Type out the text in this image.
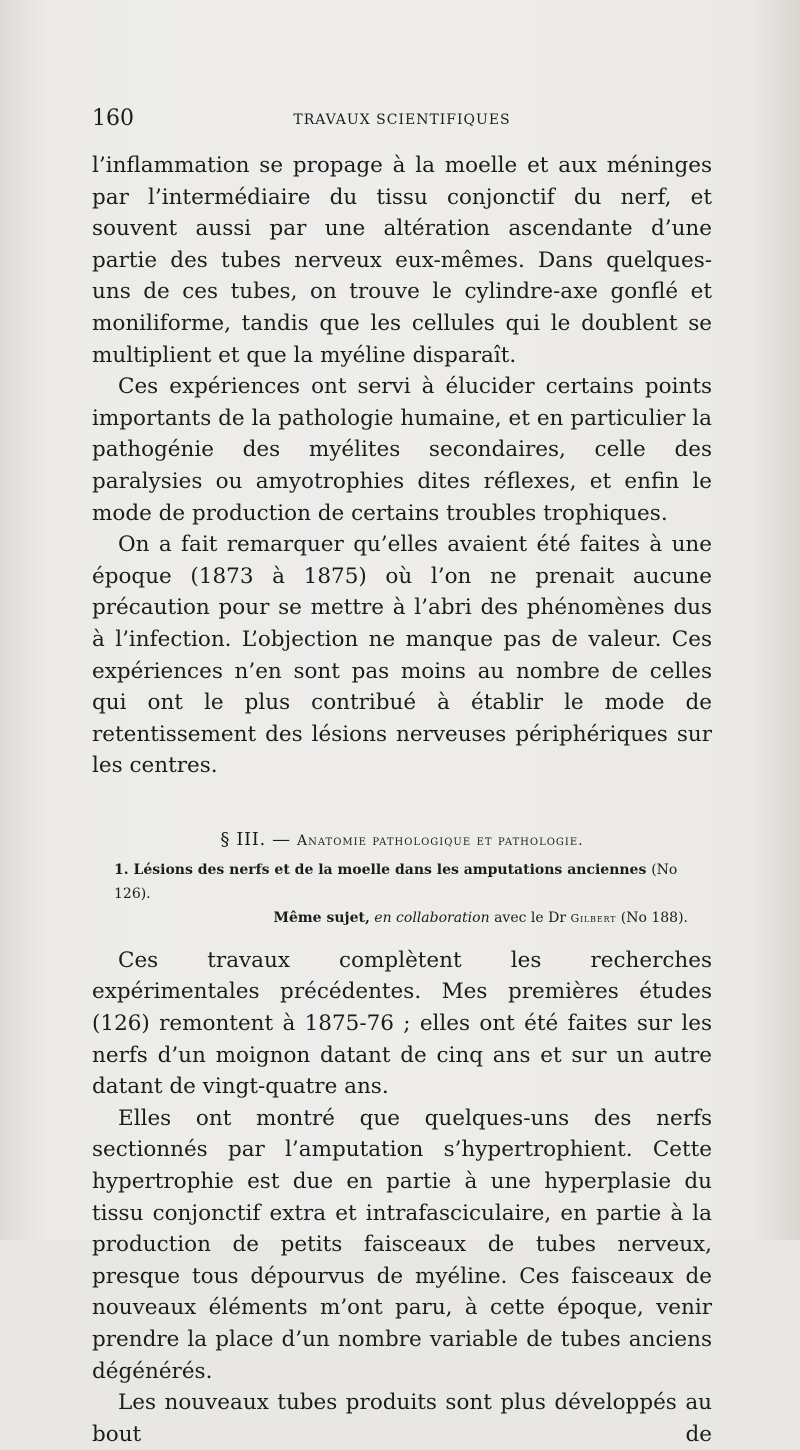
160	TRAVAUX SCIENTIFIQUES

l’inflammation se propage à la moelle et aux méninges par l’intermédiaire du tissu conjonctif du nerf, et souvent aussi par une altération ascendante d’une partie des tubes nerveux eux-mêmes. Dans quelques-uns de ces tubes, on trouve le cylindre-axe gonflé et moniliforme, tandis que les cellules qui le doublent se multiplient et que la myéline disparaît.

Ces expériences ont servi à élucider certains points importants de la pathologie humaine, et en particulier la pathogénie des myélites secondaires, celle des paralysies ou amyotrophies dites réflexes, et enfin le mode de production de certains troubles trophiques.

On a fait remarquer qu’elles avaient été faites à une époque (1873 à 1875) où l’on ne prenait aucune précaution pour se mettre à l’abri des phénomènes dus à l’infection. L’objection ne manque pas de valeur. Ces expériences n’en sont pas moins au nombre de celles qui ont le plus contribué à établir le mode de retentissement des lésions nerveuses périphériques sur les centres.

§ III. — Anatomie pathologique et pathologie.

1. Lésions des nerfs et de la moelle dans les amputations anciennes (No 126).

Même sujet, en collaboration avec le Dr Gilbert (No 188).

Ces travaux complètent les recherches expérimentales précédentes. Mes premières études (126) remontent à 1875-76 ; elles ont été faites sur les nerfs d’un moignon datant de cinq ans et sur un autre datant de vingt-quatre ans.

Elles ont montré que quelques-uns des nerfs sectionnés par l’amputation s’hypertrophient. Cette hypertrophie est due en partie à une hyperplasie du tissu conjonctif extra et intrafasciculaire, en partie à la production de petits faisceaux de tubes nerveux, presque tous dépourvus de myéline. Ces faisceaux de nouveaux éléments m’ont paru, à cette époque, venir prendre la place d’un nombre variable de tubes anciens dégénérés.

Les nouveaux tubes produits sont plus développés au bout de
